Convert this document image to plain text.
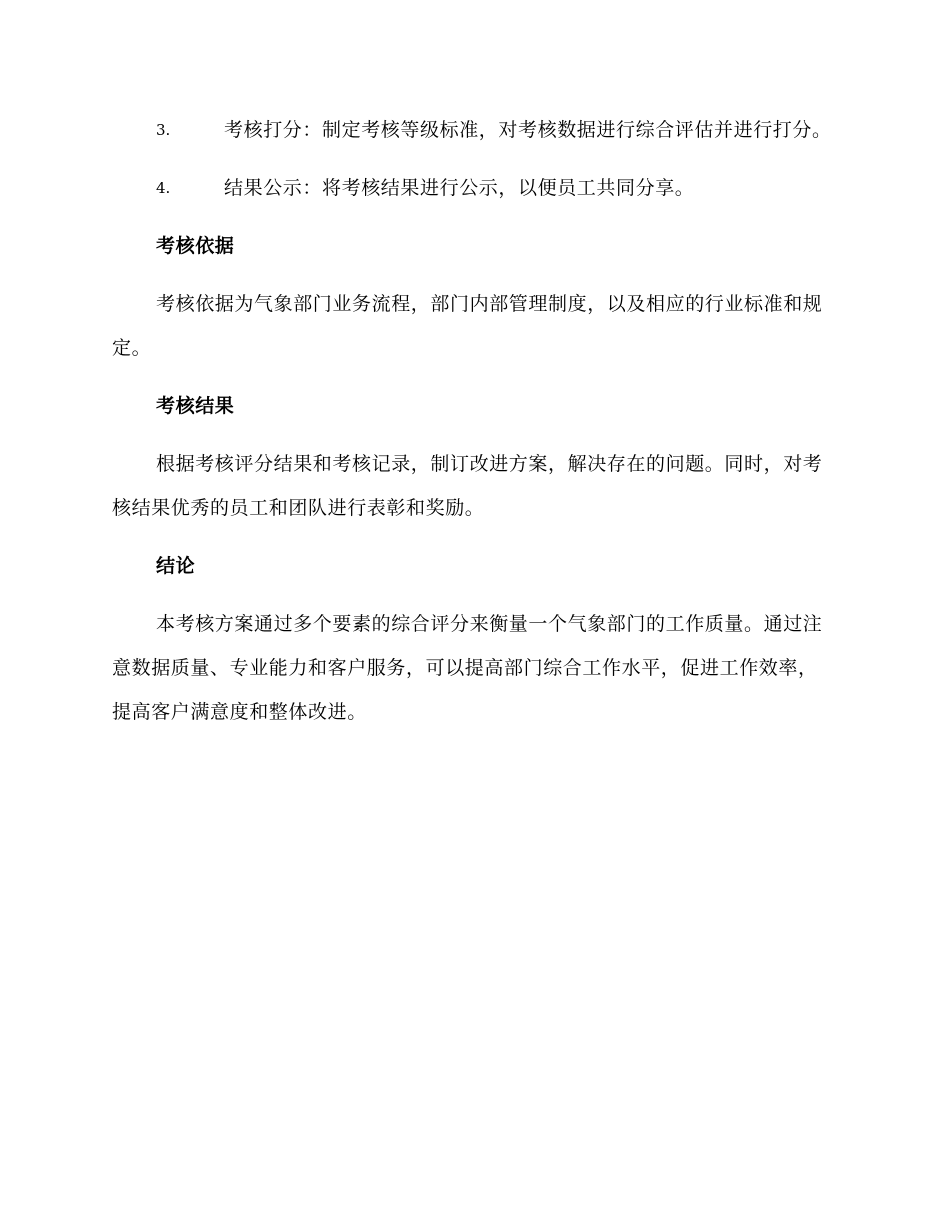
3.	考核打分：制定考核等级标准，对考核数据进行综合评估并进行打分。
4.	结果公示：将考核结果进行公示，以便员工共同分享。
考核依据
考核依据为气象部门业务流程，部门内部管理制度，以及相应的行业标准和规定。
考核结果
根据考核评分结果和考核记录，制订改进方案，解决存在的问题。同时，对考核结果优秀的员工和团队进行表彰和奖励。
结论
本考核方案通过多个要素的综合评分来衡量一个气象部门的工作质量。通过注意数据质量、专业能力和客户服务，可以提高部门综合工作水平，促进工作效率，提高客户满意度和整体改进。
